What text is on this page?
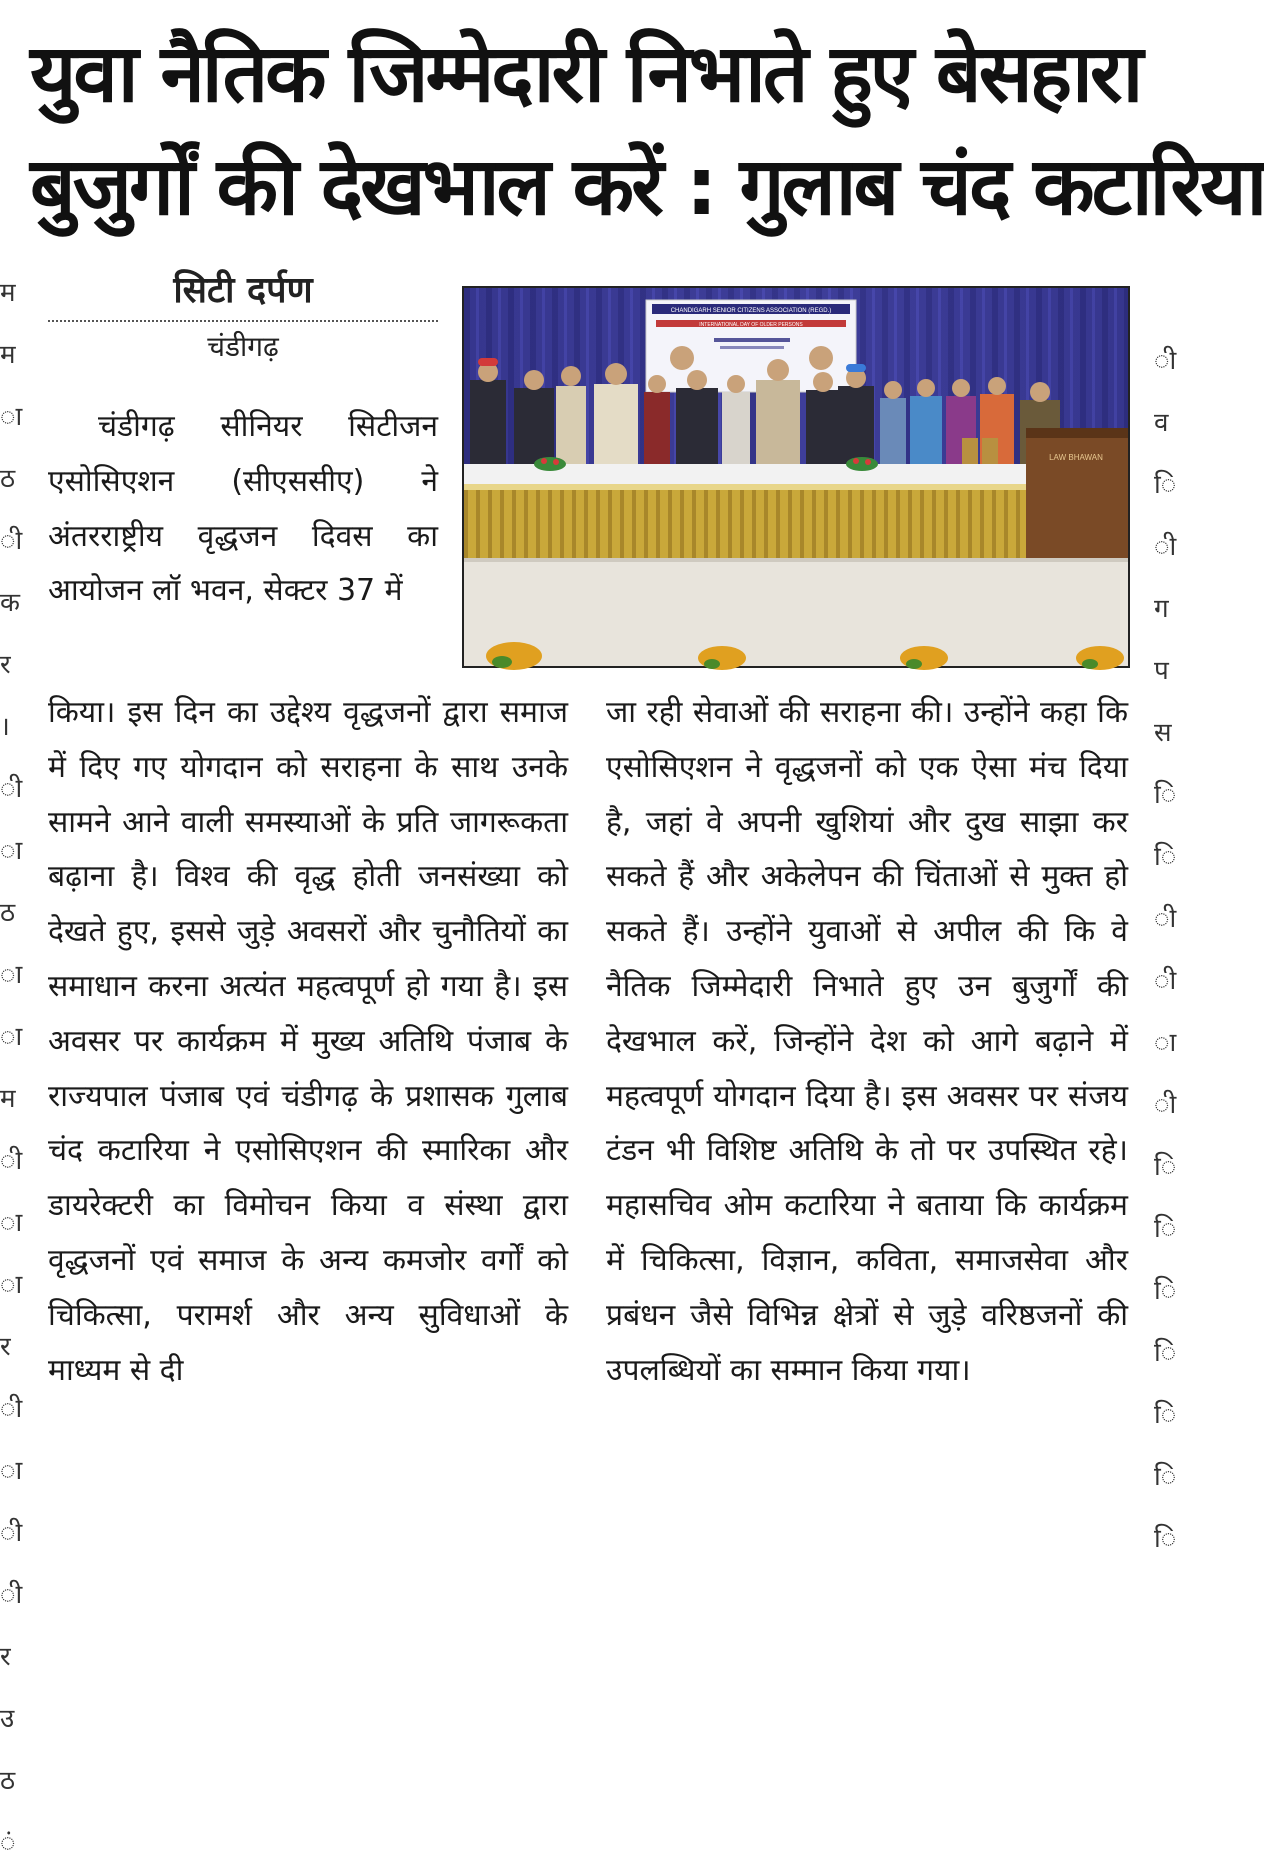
युवा नैतिक जिम्मेदारी निभाते हुए बेसहारा
बुजुर्गों की देखभाल करें : गुलाब चंद कटारिया
म
म
ा
ठ
ी
क
र
।
ी
ा
ठ
ा
ा
म
ी
ा
ा
र
ी
ा
ी
ी
र
उ
ठ
ं
ी
व
ि
ी
ग
प
स
ि
ि
ी
ी
ा
ी
ि
ि
ि
ि
ि
ि
ि
सिटी दर्पण
चंडीगढ़
CHANDIGARH SENIOR CITIZENS ASSOCIATION (REGD.)
INTERNATIONAL DAY OF OLDER PERSONS
LAW BHAWAN
चंडीगढ़ सीनियर सिटीजन एसोसिएशन (सीएससीए) ने अंतरराष्ट्रीय वृद्धजन दिवस का आयोजन लॉ भवन, सेक्टर 37 में
किया। इस दिन का उद्देश्य वृद्धजनों द्वारा समाज में दिए गए योगदान को सराहना के साथ उनके सामने आने वाली समस्याओं के प्रति जागरूकता बढ़ाना है। विश्व की वृद्ध होती जनसंख्या को देखते हुए, इससे जुड़े अवसरों और चुनौतियों का समाधान करना अत्यंत महत्वपूर्ण हो गया है। इस अवसर पर कार्यक्रम में मुख्य अतिथि पंजाब के राज्यपाल पंजाब एवं चंडीगढ़ के प्रशासक गुलाब चंद कटारिया ने एसोसिएशन की स्मारिका और डायरेक्टरी का विमोचन किया व संस्था द्वारा वृद्धजनों एवं समाज के अन्य कमजोर वर्गों को चिकित्सा, परामर्श और अन्य सुविधाओं के माध्यम से दी
जा रही सेवाओं की सराहना की। उन्होंने कहा कि एसोसिएशन ने वृद्धजनों को एक ऐसा मंच दिया है, जहां वे अपनी खुशियां और दुख साझा कर सकते हैं और अकेलेपन की चिंताओं से मुक्त हो सकते हैं। उन्होंने युवाओं से अपील की कि वे नैतिक जिम्मेदारी निभाते हुए उन बुजुर्गों की देखभाल करें, जिन्होंने देश को आगे बढ़ाने में महत्वपूर्ण योगदान दिया है। इस अवसर पर संजय टंडन भी विशिष्ट अतिथि के तो पर उपस्थित रहे। महासचिव ओम कटारिया ने बताया कि कार्यक्रम में चिकित्सा, विज्ञान, कविता, समाजसेवा और प्रबंधन जैसे विभिन्न क्षेत्रों से जुड़े वरिष्ठजनों की उपलब्धियों का सम्मान किया गया।
